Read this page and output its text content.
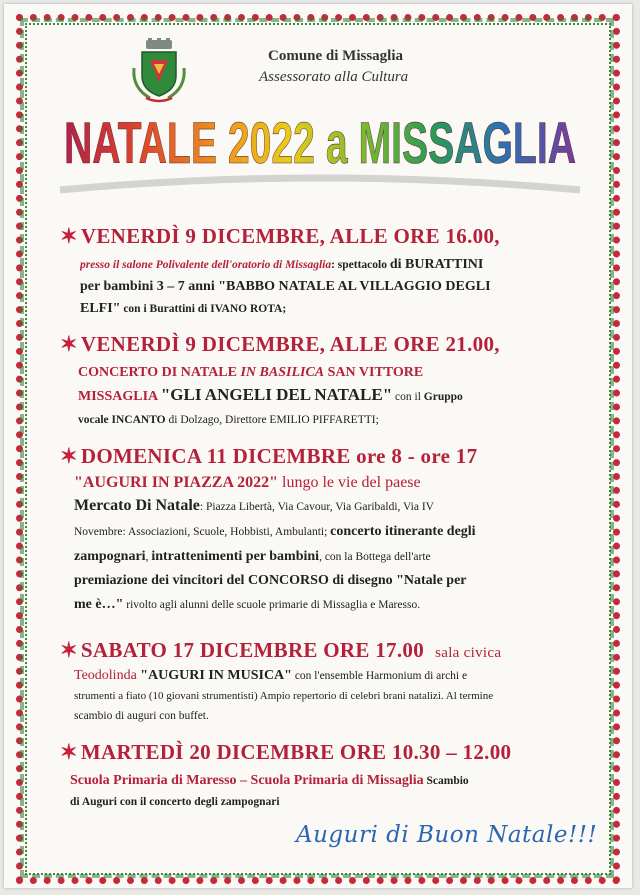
Comune di Missaglia
Assessorato alla Cultura
NATALE 2022 a MISSAGLIA
✶ VENERDÌ 9 DICEMBRE, ALLE ORE 16.00,
presso il salone Polivalente dell'oratorio di Missaglia: spettacolo di BURATTINI
per bambini 3 – 7 anni "BABBO NATALE AL VILLAGGIO DEGLI
ELFI" con i Burattini di IVANO ROTA;
✶ VENERDÌ 9 DICEMBRE, ALLE ORE 21.00,
CONCERTO DI NATALE IN BASILICA SAN VITTORE
MISSAGLIA "GLI ANGELI DEL NATALE" con il Gruppo
vocale INCANTO di Dolzago, Direttore EMILIO PIFFARETTI;
✶ DOMENICA 11 DICEMBRE ore 8 - ore 17
"AUGURI IN PIAZZA 2022" lungo le vie del paese
Mercato Di Natale: Piazza Libertà, Via Cavour, Via Garibaldi, Via IV
Novembre: Associazioni, Scuole, Hobbisti, Ambulanti; concerto itinerante degli
zampognari, intrattenimenti per bambini, con la Bottega dell'arte
premiazione dei vincitori del CONCORSO di disegno "Natale per
me è…" rivolto agli alunni delle scuole primarie di Missaglia e Maresso.
✶ SABATO 17 DICEMBRE ORE 17.00 sala civica
Teodolinda "AUGURI IN MUSICA" con l'ensemble Harmonium di archi e
strumenti a fiato (10 giovani strumentisti) Ampio repertorio di celebri brani natalizi. Al termine
scambio di auguri con buffet.
✶ MARTEDÌ 20 DICEMBRE ORE 10.30 – 12.00
Scuola Primaria di Maresso – Scuola Primaria di Missaglia Scambio
di Auguri con il concerto degli zampognari
Auguri di Buon Natale!!!
